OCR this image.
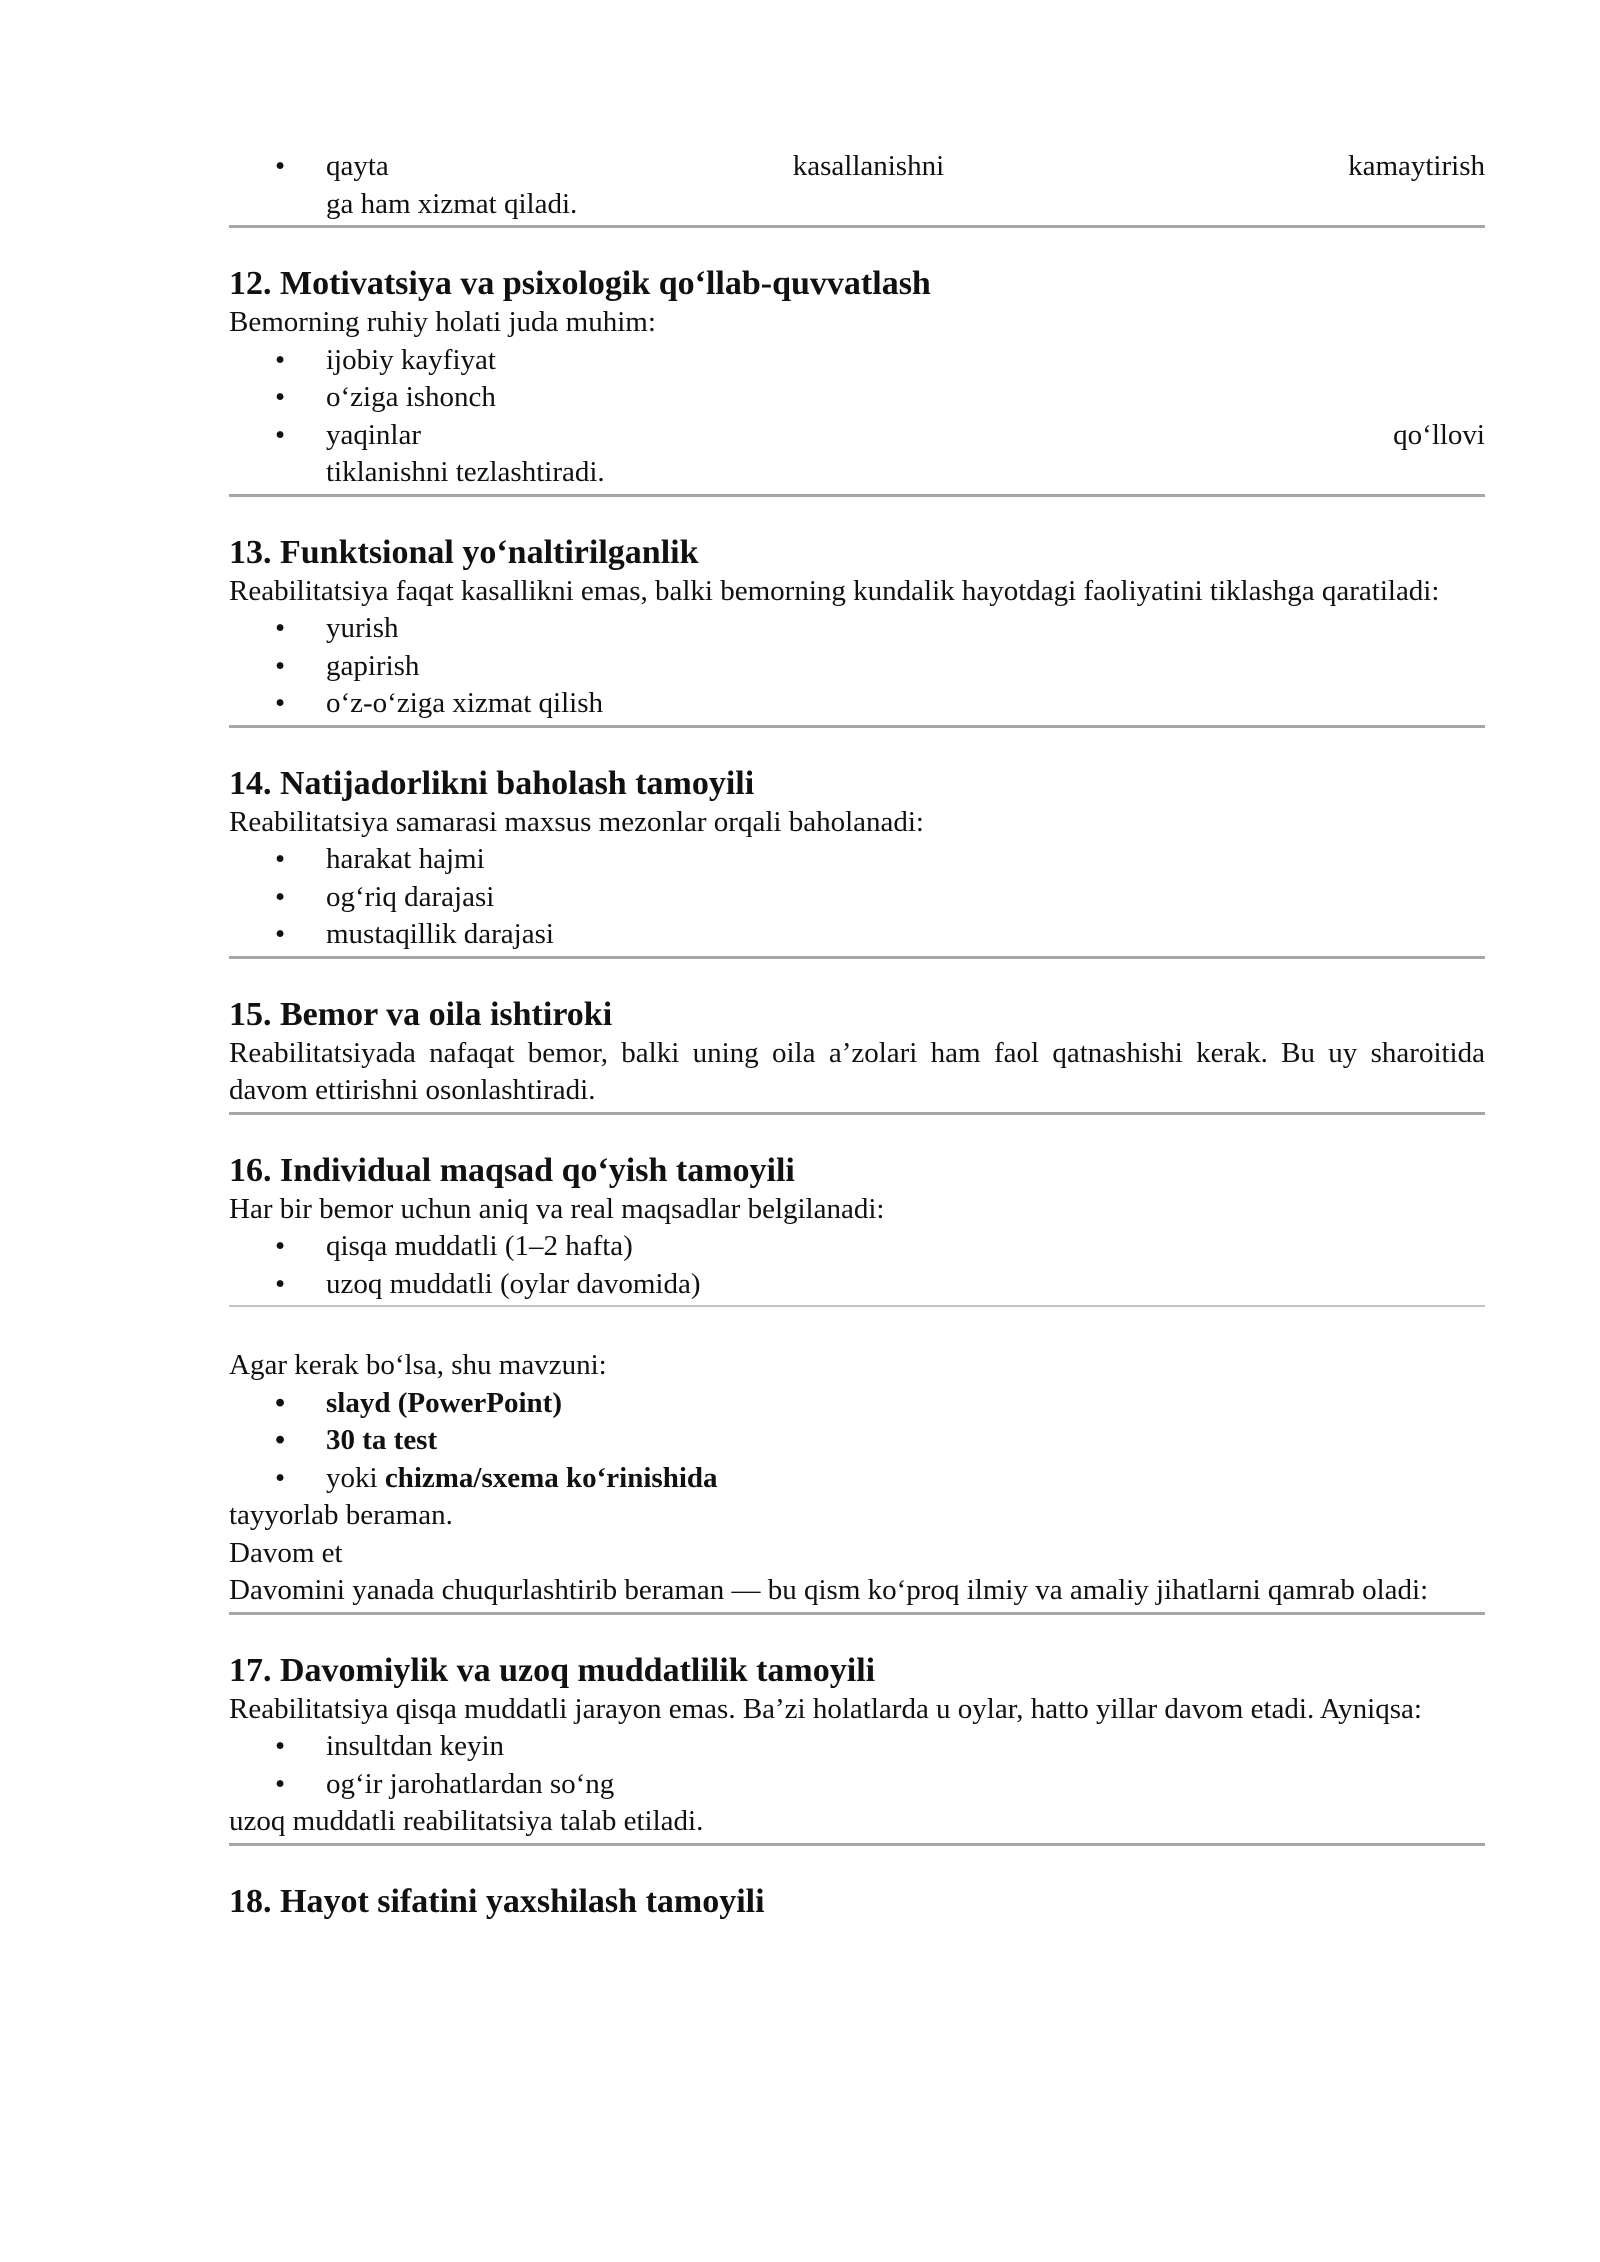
• qayta	kasallanishni	kamaytirish
ga ham xizmat qiladi.
12. Motivatsiya va psixologik qo‘llab-quvvatlash

Bemorning ruhiy holati juda muhim:

• ijobiy kayfiyat
• o‘ziga ishonch
• yaqinlar	qo‘llovi
tiklanishni tezlashtiradi.
13. Funktsional yo‘naltirilganlik

Reabilitatsiya faqat kasallikni emas, balki bemorning kundalik hayotdagi faoliyatini tiklashga qaratiladi:

• yurish
• gapirish
• o‘z-o‘ziga xizmat qilish
14. Natijadorlikni baholash tamoyili

Reabilitatsiya samarasi maxsus mezonlar orqali baholanadi:

• harakat hajmi
• og‘riq darajasi
• mustaqillik darajasi
15. Bemor va oila ishtiroki

Reabilitatsiyada nafaqat bemor, balki uning oila a’zolari ham faol qatnashishi kerak. Bu uy sharoitida davom ettirishni osonlashtiradi.

16. Individual maqsad qo‘yish tamoyili

Har bir bemor uchun aniq va real maqsadlar belgilanadi:

• qisqa muddatli (1–2 hafta)
• uzoq muddatli (oylar davomida)

Agar kerak bo‘lsa, shu mavzuni:

• slayd (PowerPoint)
• 30 ta test
• yoki chizma/sxema ko‘rinishida

tayyorlab beraman.

Davom et

Davomini yanada chuqurlashtirib beraman — bu qism ko‘proq ilmiy va amaliy jihatlarni qamrab oladi:

17. Davomiylik va uzoq muddatlilik tamoyili

Reabilitatsiya qisqa muddatli jarayon emas. Ba’zi holatlarda u oylar, hatto yillar davom etadi. Ayniqsa:

• insultdan keyin
• og‘ir jarohatlardan so‘ng

uzoq muddatli reabilitatsiya talab etiladi.

18. Hayot sifatini yaxshilash tamoyili
